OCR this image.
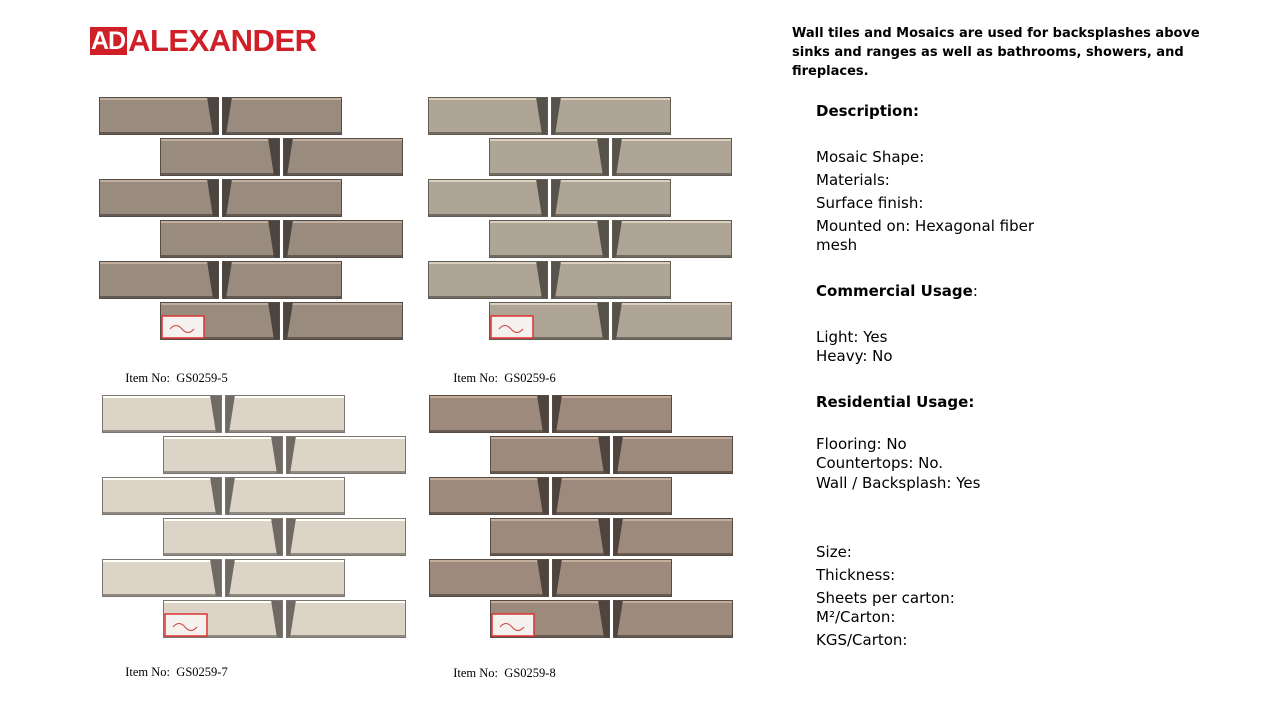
AD ALEXANDER	Wall tiles and Mosaics are used for backsplashes above
sinks and ranges as well as bathrooms, showers, and fireplaces.

Item No: GS0259-5	Item No: GS0259-6

Item No: GS0259-7	Item No: GS0259-8

Description:
Mosaic Shape:
Materials:
Surface finish:
Mounted on: Hexagonal fiber
mesh
Commercial Usage:
Light: Yes
Heavy: No
Residential Usage:
Flooring: No
Countertops: No.
Wall / Backsplash: Yes
Size:
Thickness:
Sheets per carton:
M²/Carton:
KGS/Carton:
